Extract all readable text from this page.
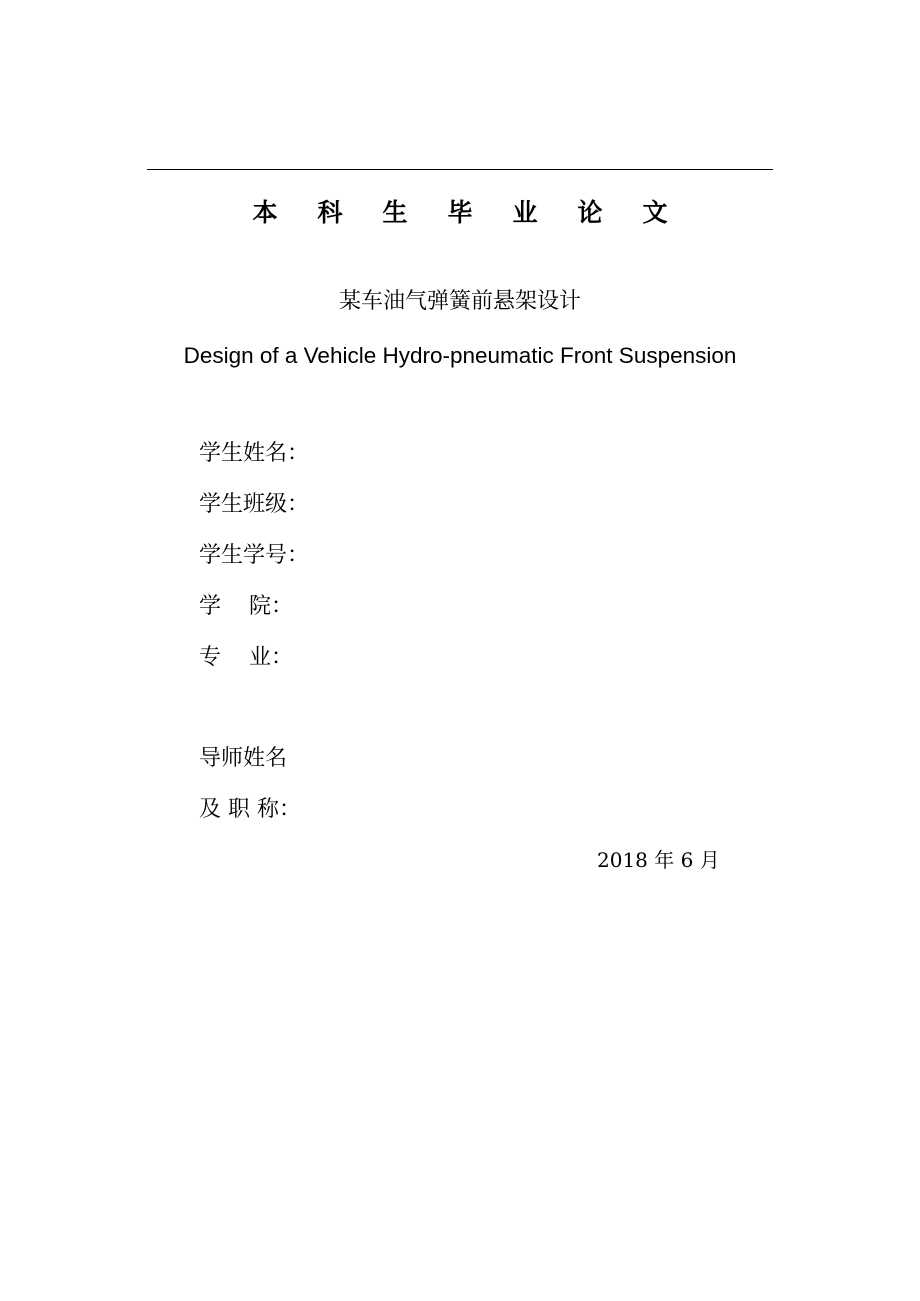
本科生毕业论文
某车油气弹簧前悬架设计
Design of a Vehicle Hydro-pneumatic Front Suspension
学生姓名：
学生班级：
学生学号：
学    院：
专    业：
导师姓名
及 职 称：
2018 年 6 月
